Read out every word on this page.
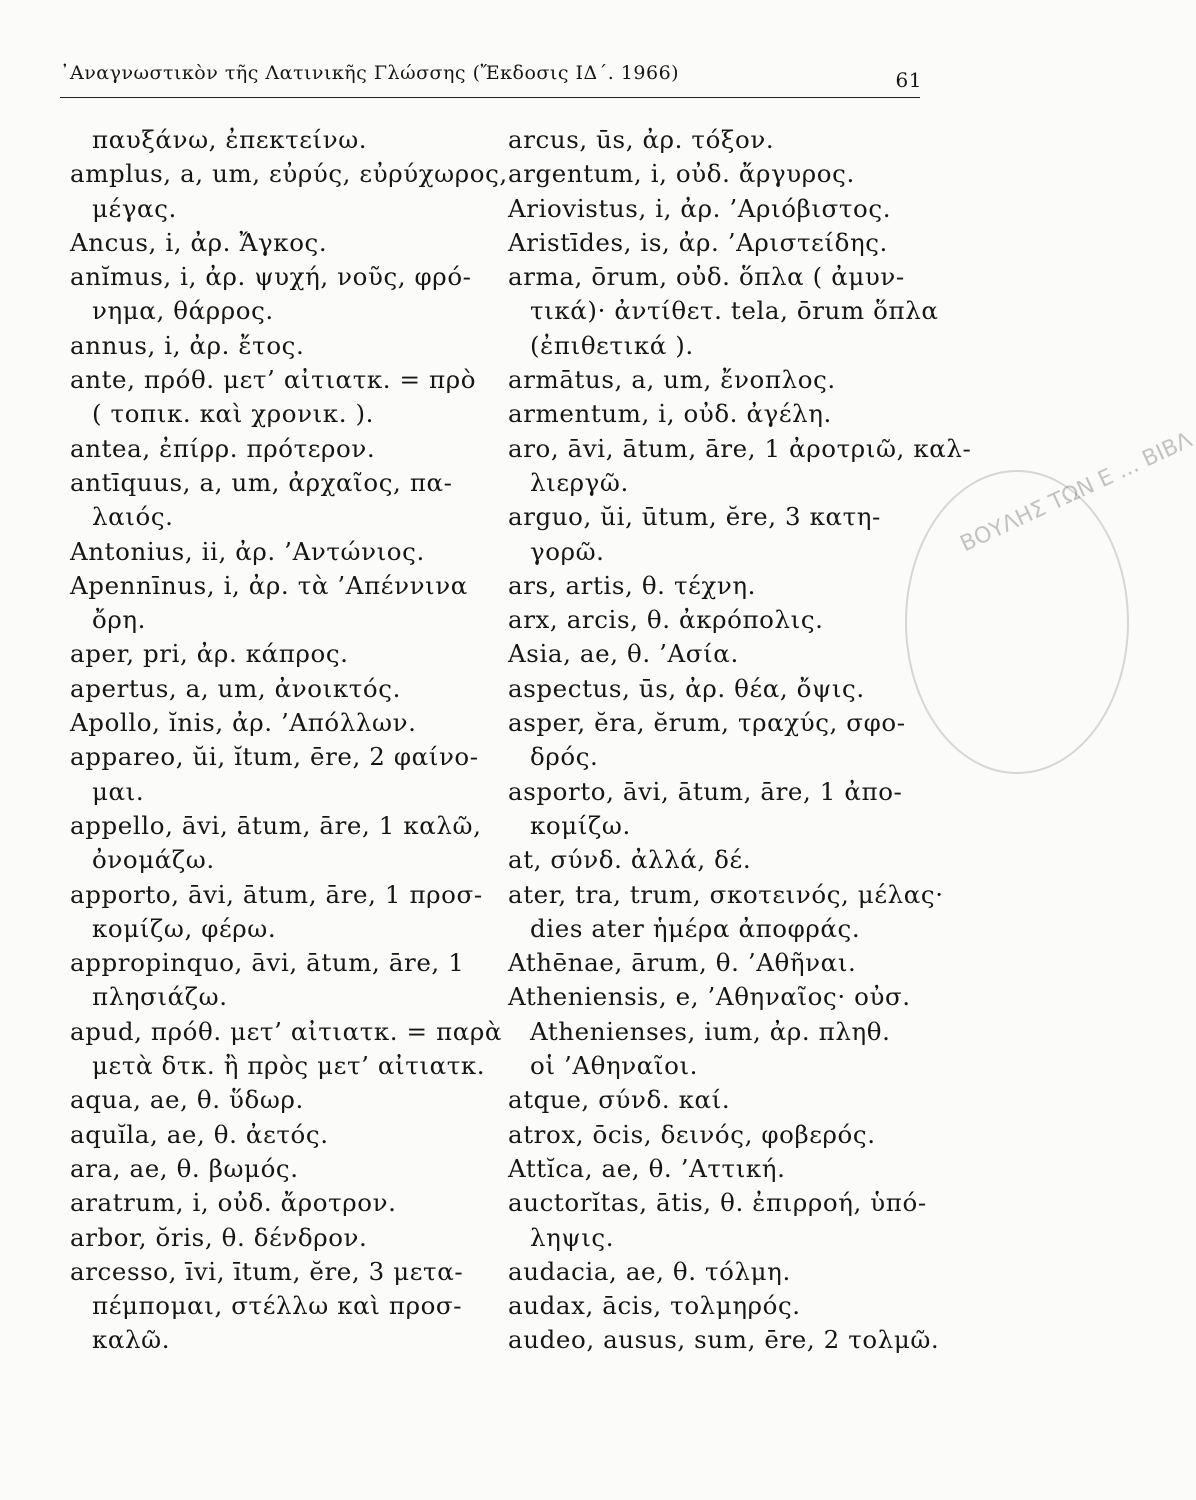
᾿Αναγνωστικὸν τῆς Λατινικῆς Γλώσσης (Ἔκδοσις ΙΔ΄. 1966)	61
παυξάνω, ἐπεκτείνω.
amplus, a, um, εὐρύς, εὐρύχωρος,
μέγας.
Ancus, i, ἀρ. Ἄγκος.
anĭmus, i, ἀρ. ψυχή, νοῦς, φρό-
νημα, θάρρος.
annus, i, ἀρ. ἔτος.
ante, πρόθ. μετ’ αἰτιατκ. = πρὸ
( τοπικ. καὶ χρονικ. ).
antea, ἐπίρρ. πρότερον.
antīquus, a, um, ἀρχαῖος, πα-
λαιός.
Antonius, ii, ἀρ. ’Αντώνιος.
Apennīnus, i, ἀρ. τὰ ’Απέννινα
ὄρη.
aper, pri, ἀρ. κάπρος.
apertus, a, um, ἀνοικτός.
Apollo, ĭnis, ἀρ. ’Απόλλων.
appareo, ŭi, ĭtum, ēre, 2 φαίνο-
μαι.
appello, āvi, ātum, āre, 1 καλῶ,
ὀνομάζω.
apporto, āvi, ātum, āre, 1 προσ-
κομίζω, φέρω.
appropinquo, āvi, ātum, āre, 1
πλησιάζω.
apud, πρόθ. μετ’ αἰτιατκ. = παρὰ
μετὰ δτκ. ἢ πρὸς μετ’ αἰτιατκ.
aqua, ae, θ. ὕδωρ.
aquĭla, ae, θ. ἀετός.
ara, ae, θ. βωμός.
aratrum, i, οὐδ. ἄροτρον.
arbor, ŏris, θ. δένδρον.
arcesso, īvi, ītum, ĕre, 3 μετα-
πέμπομαι, στέλλω καὶ προσ-
καλῶ.
arcus, ūs, ἀρ. τόξον.
argentum, i, οὐδ. ἄργυρος.
Ariovistus, i, ἀρ. ’Αριόβιστος.
Aristīdes, is, ἀρ. ’Αριστείδης.
arma, ōrum, οὐδ. ὅπλα ( ἀμυν-
τικά)· ἀντίθετ. tela, ōrum ὅπλα
(ἐπιθετικά ).
armātus, a, um, ἔνοπλος.
armentum, i, οὐδ. ἀγέλη.
aro, āvi, ātum, āre, 1 ἀροτριῶ, καλ-
λιεργῶ.
arguo, ŭi, ūtum, ĕre, 3 κατη-
γορῶ.
ars, artis, θ. τέχνη.
arx, arcis, θ. ἀκρόπολις.
Asia, ae, θ. ’Ασία.
aspectus, ūs, ἀρ. θέα, ὄψις.
asper, ĕra, ĕrum, τραχύς, σφο-
δρός.
asporto, āvi, ātum, āre, 1 ἀπο-
κομίζω.
at, σύνδ. ἀλλά, δέ.
ater, tra, trum, σκοτεινός, μέλας·
dies ater ἡμέρα ἀποφράς.
Athēnae, ārum, θ. ’Αθῆναι.
Atheniensis, e, ’Αθηναῖος· οὐσ.
Athenienses, ium, ἀρ. πληθ.
οἱ ’Αθηναῖοι.
atque, σύνδ. καί.
atrox, ōcis, δεινός, φοβερός.
Attĭca, ae, θ. ’Αττική.
auctorĭtas, ātis, θ. ἐπιρροή, ὑπό-
ληψις.
audacia, ae, θ. τόλμη.
audax, ācis, τολμηρός.
audeo, ausus, sum, ēre, 2 τολμῶ.
ΒΟΥΛΗΣ ΤΩΝ Ε ... ΒΙΒΛ
